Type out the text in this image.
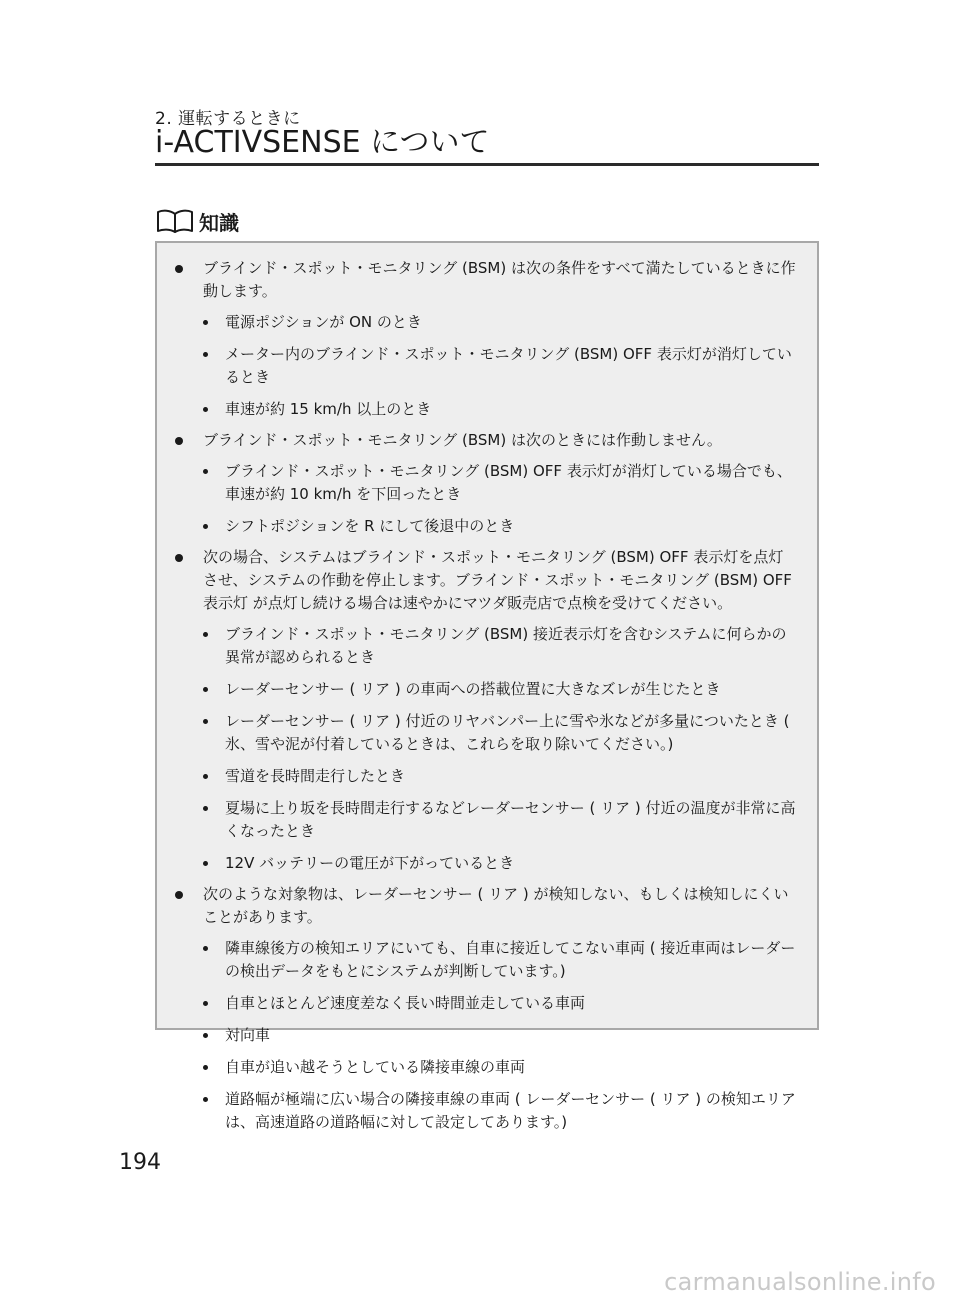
2. 運転するときに
i-ACTIVSENSE について
知識
ブラインド・スポット・モニタリング (BSM) は次の条件をすべて満たしているときに作動します。
電源ポジションが ON のとき
メーター内のブラインド・スポット・モニタリング (BSM) OFF 表示灯が消灯しているとき
車速が約 15 km/h 以上のとき
ブラインド・スポット・モニタリング (BSM) は次のときには作動しません。
ブラインド・スポット・モニタリング (BSM) OFF 表示灯が消灯している場合でも、車速が約 10 km/h を下回ったとき
シフトポジションを R にして後退中のとき
次の場合、システムはブラインド・スポット・モニタリング (BSM) OFF 表示灯を点灯させ、システムの作動を停止します。ブラインド・スポット・モニタリング (BSM) OFF 表示灯 が点灯し続ける場合は速やかにマツダ販売店で点検を受けてください。
ブラインド・スポット・モニタリング (BSM) 接近表示灯を含むシステムに何らかの異常が認められるとき
レーダーセンサー ( リア ) の車両への搭載位置に大きなズレが生じたとき
レーダーセンサー ( リア ) 付近のリヤバンパー上に雪や氷などが多量についたとき ( 氷、雪や泥が付着しているときは、これらを取り除いてください。)
雪道を長時間走行したとき
夏場に上り坂を長時間走行するなどレーダーセンサー ( リア ) 付近の温度が非常に高くなったとき
12V バッテリーの電圧が下がっているとき
次のような対象物は、レーダーセンサー ( リア ) が検知しない、もしくは検知しにくいことがあります。
隣車線後方の検知エリアにいても、自車に接近してこない車両 ( 接近車両はレーダーの検出データをもとにシステムが判断しています。)
自車とほとんど速度差なく長い時間並走している車両
対向車
自車が追い越そうとしている隣接車線の車両
道路幅が極端に広い場合の隣接車線の車両 ( レーダーセンサー ( リア ) の検知エリアは、高速道路の道路幅に対して設定してあります。)
194
carmanualsonline.info
